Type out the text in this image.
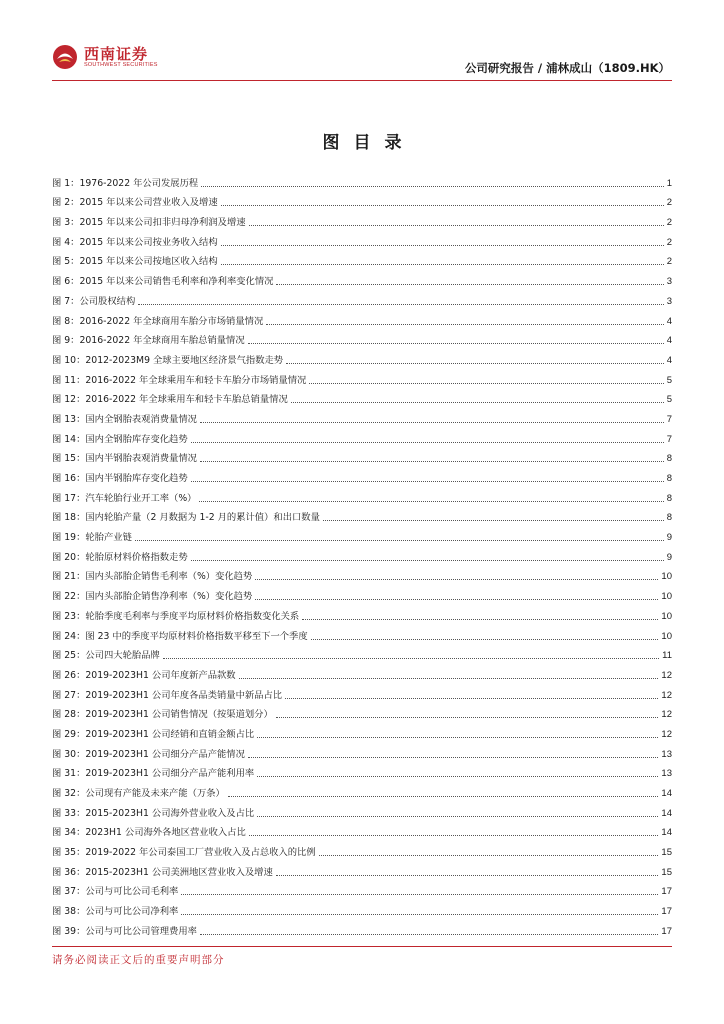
西南证券
SOUTHWEST SECURITIES	公司研究报告 / 浦林成山（1809.HK）
图目录
图 1：1976-2022 年公司发展历程	1
图 2：2015 年以来公司营业收入及增速	2
图 3：2015 年以来公司扣非归母净利润及增速	2
图 4：2015 年以来公司按业务收入结构	2
图 5：2015 年以来公司按地区收入结构	2
图 6：2015 年以来公司销售毛利率和净利率变化情况	3
图 7：公司股权结构	3
图 8：2016-2022 年全球商用车胎分市场销量情况	4
图 9：2016-2022 年全球商用车胎总销量情况	4
图 10：2012-2023M9 全球主要地区经济景气指数走势	4
图 11：2016-2022 年全球乘用车和轻卡车胎分市场销量情况	5
图 12：2016-2022 年全球乘用车和轻卡车胎总销量情况	5
图 13：国内全钢胎表观消费量情况	7
图 14：国内全钢胎库存变化趋势	7
图 15：国内半钢胎表观消费量情况	8
图 16：国内半钢胎库存变化趋势	8
图 17：汽车轮胎行业开工率（%）	8
图 18：国内轮胎产量（2 月数据为 1-2 月的累计值）和出口数量	8
图 19：轮胎产业链	9
图 20：轮胎原材料价格指数走势	9
图 21：国内头部胎企销售毛利率（%）变化趋势	10
图 22：国内头部胎企销售净利率（%）变化趋势	10
图 23：轮胎季度毛利率与季度平均原材料价格指数变化关系	10
图 24：图 23 中的季度平均原材料价格指数平移至下一个季度	10
图 25：公司四大轮胎品牌	11
图 26：2019-2023H1 公司年度新产品款数	12
图 27：2019-2023H1 公司年度各品类销量中新品占比	12
图 28：2019-2023H1 公司销售情况（按渠道划分）	12
图 29：2019-2023H1 公司经销和直销金额占比	12
图 30：2019-2023H1 公司细分产品产能情况	13
图 31：2019-2023H1 公司细分产品产能利用率	13
图 32：公司现有产能及未来产能（万条）	14
图 33：2015-2023H1 公司海外营业收入及占比	14
图 34：2023H1 公司海外各地区营业收入占比	14
图 35：2019-2022 年公司泰国工厂营业收入及占总收入的比例	15
图 36：2015-2023H1 公司美洲地区营业收入及增速	15
图 37：公司与可比公司毛利率	17
图 38：公司与可比公司净利率	17
图 39：公司与可比公司管理费用率	17
请务必阅读正文后的重要声明部分
